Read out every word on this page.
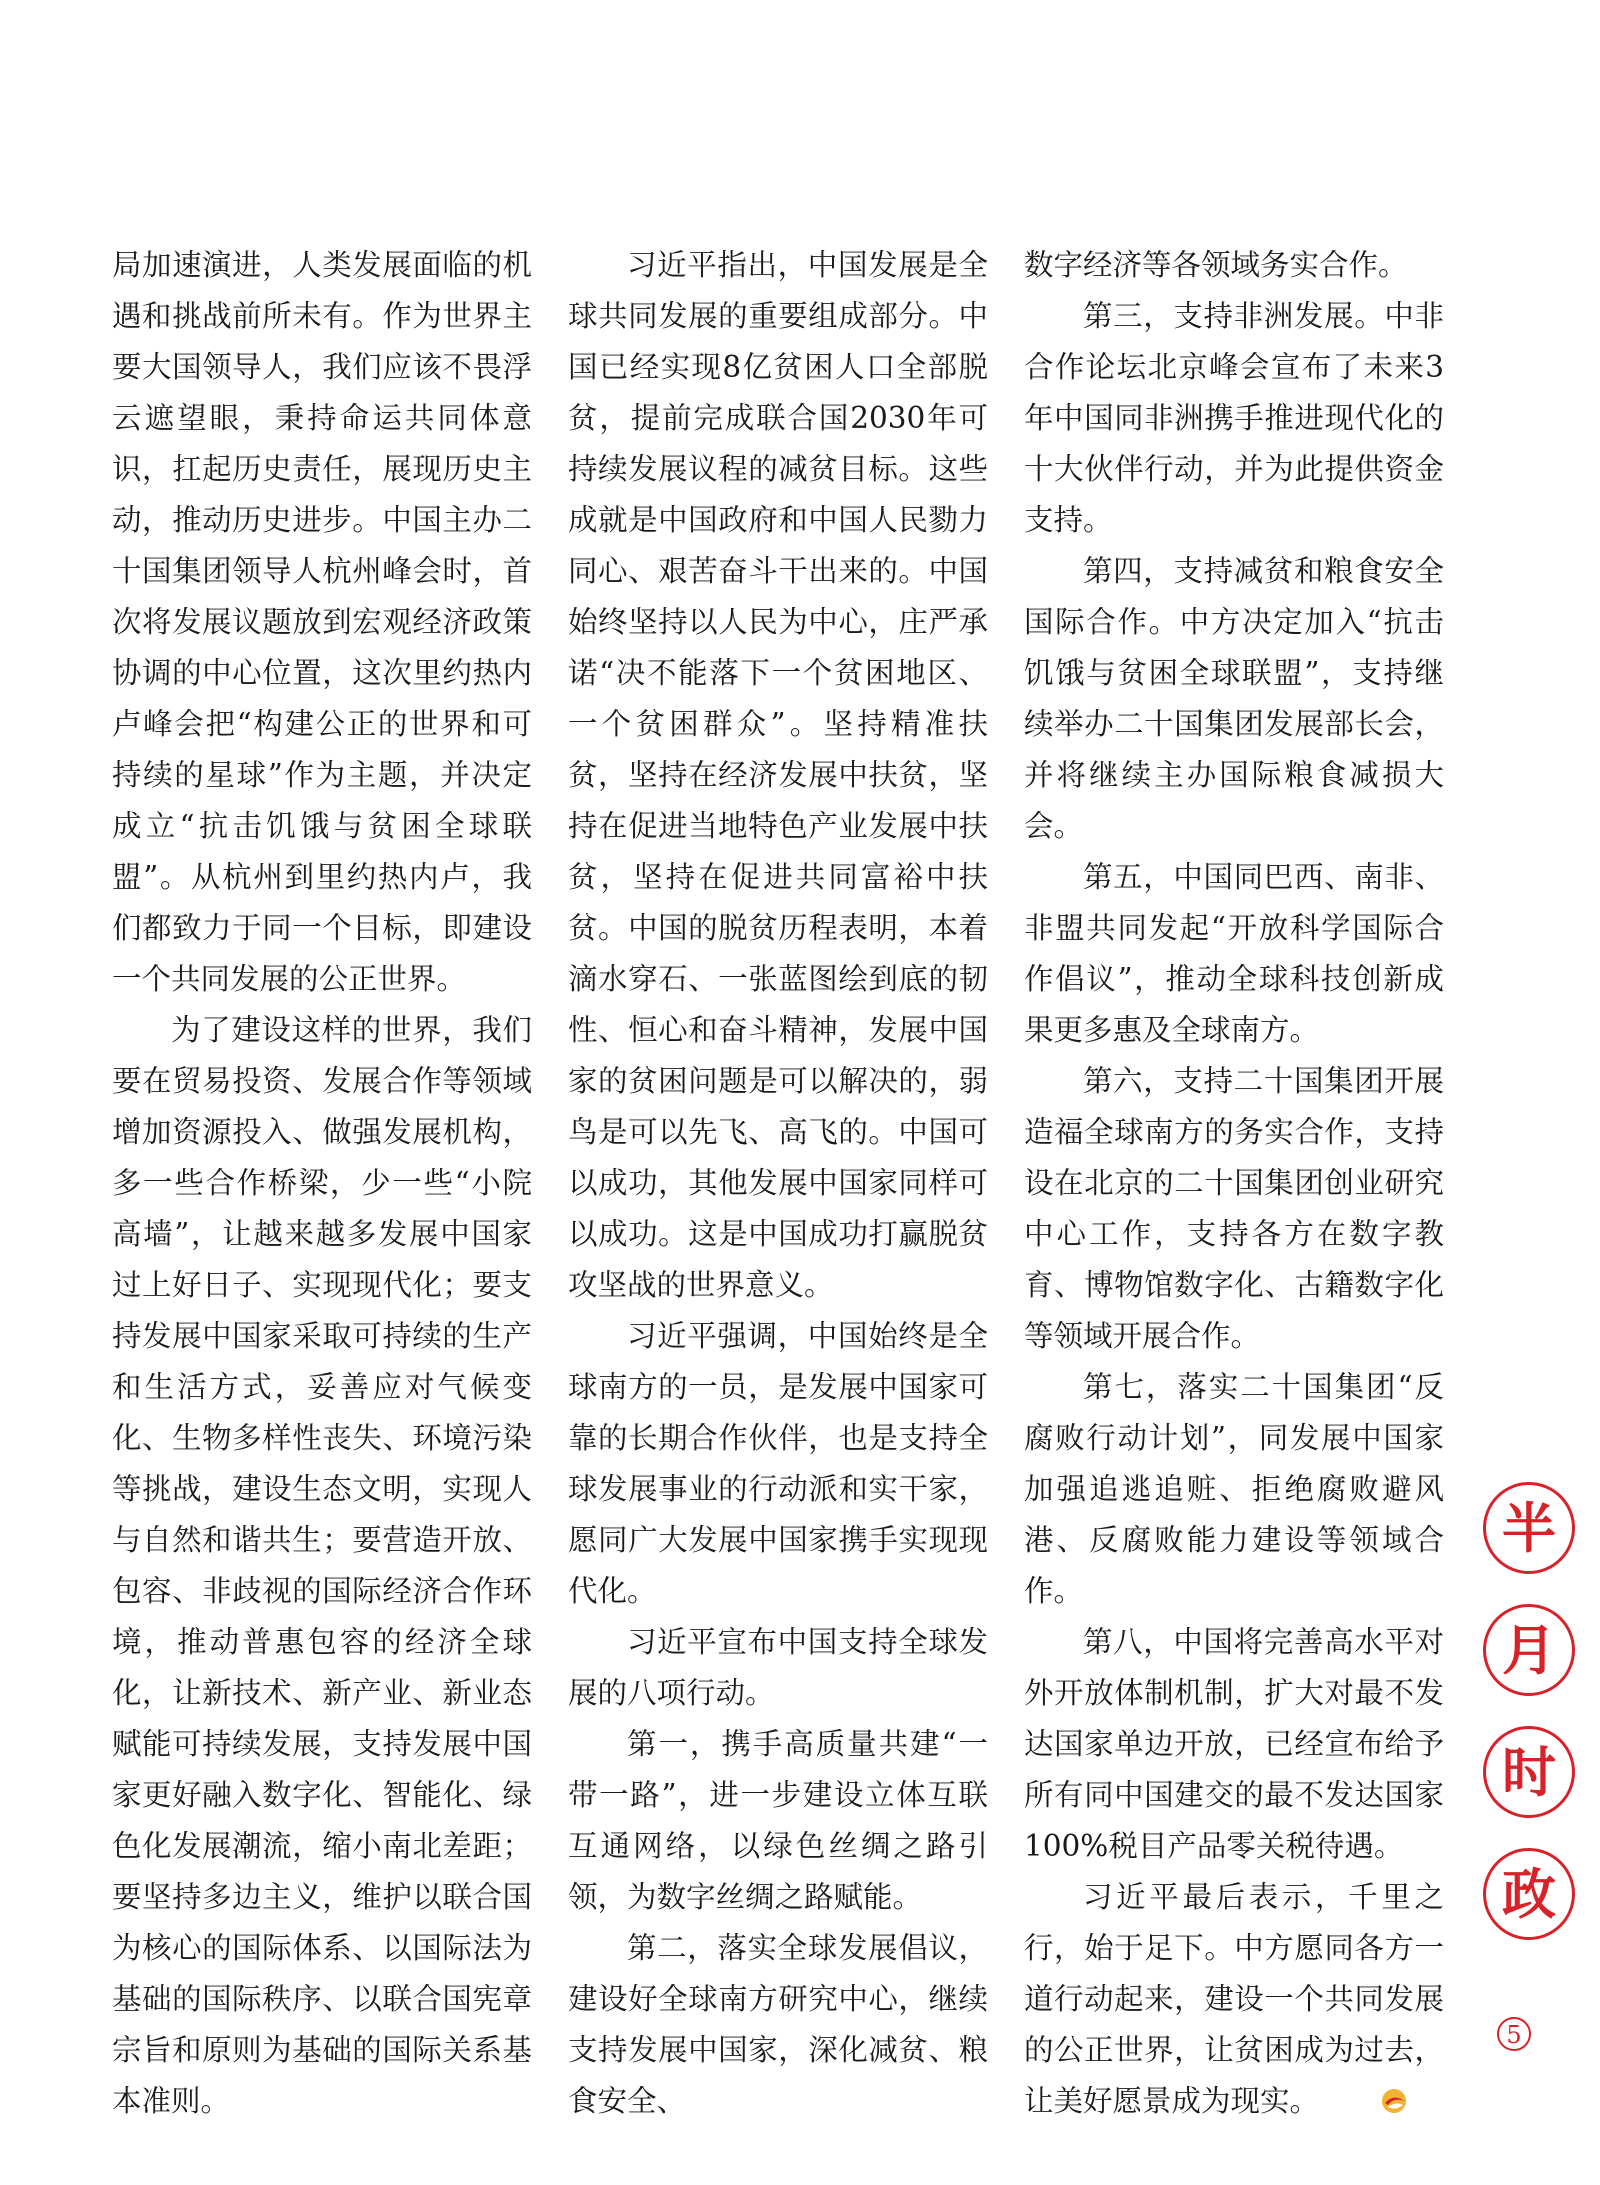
局加速演进，人类发展面临的机遇和挑战前所未有。作为世界主要大国领导人，我们应该不畏浮云遮望眼，秉持命运共同体意识，扛起历史责任，展现历史主动，推动历史进步。中国主办二十国集团领导人杭州峰会时，首次将发展议题放到宏观经济政策协调的中心位置，这次里约热内卢峰会把“构建公正的世界和可持续的星球”作为主题，并决定成立“抗击饥饿与贫困全球联盟”。从杭州到里约热内卢，我们都致力于同一个目标，即建设一个共同发展的公正世界。

为了建设这样的世界，我们要在贸易投资、发展合作等领域增加资源投入、做强发展机构，多一些合作桥梁，少一些“小院高墙”，让越来越多发展中国家过上好日子、实现现代化；要支持发展中国家采取可持续的生产和生活方式，妥善应对气候变化、生物多样性丧失、环境污染等挑战，建设生态文明，实现人与自然和谐共生；要营造开放、包容、非歧视的国际经济合作环境，推动普惠包容的经济全球化，让新技术、新产业、新业态赋能可持续发展，支持发展中国家更好融入数字化、智能化、绿色化发展潮流，缩小南北差距；要坚持多边主义，维护以联合国为核心的国际体系、以国际法为基础的国际秩序、以联合国宪章宗旨和原则为基础的国际关系基本准则。

习近平指出，中国发展是全球共同发展的重要组成部分。中国已经实现8亿贫困人口全部脱贫，提前完成联合国2030年可持续发展议程的减贫目标。这些成就是中国政府和中国人民勠力同心、艰苦奋斗干出来的。中国始终坚持以人民为中心，庄严承诺“决不能落下一个贫困地区、一个贫困群众”。坚持精准扶贫，坚持在经济发展中扶贫，坚持在促进当地特色产业发展中扶贫，坚持在促进共同富裕中扶贫。中国的脱贫历程表明，本着滴水穿石、一张蓝图绘到底的韧性、恒心和奋斗精神，发展中国家的贫困问题是可以解决的，弱鸟是可以先飞、高飞的。中国可以成功，其他发展中国家同样可以成功。这是中国成功打赢脱贫攻坚战的世界意义。

习近平强调，中国始终是全球南方的一员，是发展中国家可靠的长期合作伙伴，也是支持全球发展事业的行动派和实干家，愿同广大发展中国家携手实现现代化。

习近平宣布中国支持全球发展的八项行动。

第一，携手高质量共建“一带一路”，进一步建设立体互联互通网络，以绿色丝绸之路引领，为数字丝绸之路赋能。

第二，落实全球发展倡议，建设好全球南方研究中心，继续支持发展中国家，深化减贫、粮食安全、

数字经济等各领域务实合作。

第三，支持非洲发展。中非合作论坛北京峰会宣布了未来3年中国同非洲携手推进现代化的十大伙伴行动，并为此提供资金支持。

第四，支持减贫和粮食安全国际合作。中方决定加入“抗击饥饿与贫困全球联盟”，支持继续举办二十国集团发展部长会，并将继续主办国际粮食减损大会。

第五，中国同巴西、南非、非盟共同发起“开放科学国际合作倡议”，推动全球科技创新成果更多惠及全球南方。

第六，支持二十国集团开展造福全球南方的务实合作，支持设在北京的二十国集团创业研究中心工作，支持各方在数字教育、博物馆数字化、古籍数字化等领域开展合作。

第七，落实二十国集团“反腐败行动计划”，同发展中国家加强追逃追赃、拒绝腐败避风港、反腐败能力建设等领域合作。

第八，中国将完善高水平对外开放体制机制，扩大对最不发达国家单边开放，已经宣布给予所有同中国建交的最不发达国家100%税目产品零关税待遇。

习近平最后表示，千里之行，始于足下。中方愿同各方一道行动起来，建设一个共同发展的公正世界，让贫困成为过去，让美好愿景成为现实。

半
月
时
政
5
